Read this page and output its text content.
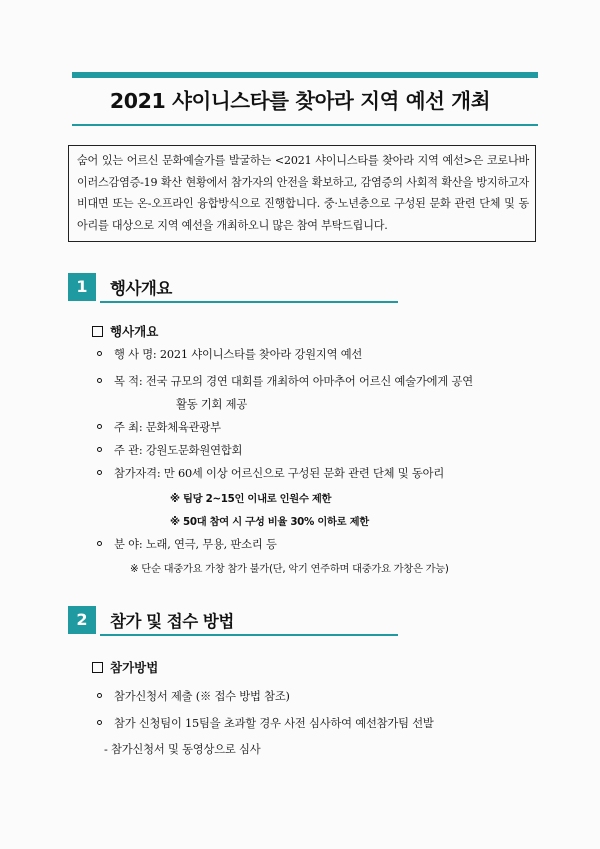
2021 샤이니스타를 찾아라 지역 예선 개최
숨어 있는 어르신 문화예술가를 발굴하는 <2021 샤이니스타를 찾아라 지역 예선>은 코로나바이러스감염증-19 확산 현황에서 참가자의 안전을 확보하고, 감염증의 사회적 확산을 방지하고자 비대면 또는 온-오프라인 융합방식으로 진행합니다. 중·노년층으로 구성된 문화 관련 단체 및 동아리를 대상으로 지역 예선을 개최하오니 많은 참여 부탁드립니다.
1	행사개요
행사개요
행 사 명: 2021 샤이니스타를 찾아라 강원지역 예선
목 적: 전국 규모의 경연 대회를 개최하여 아마추어 어르신 예술가에게 공연
활동 기회 제공
주 최: 문화체육관광부
주 관: 강원도문화원연합회
참가자격: 만 60세 이상 어르신으로 구성된 문화 관련 단체 및 동아리
※ 팀당 2~15인 이내로 인원수 제한
※ 50대 참여 시 구성 비율 30% 이하로 제한
분 야: 노래, 연극, 무용, 판소리 등
※ 단순 대중가요 가창 참가 불가(단, 악기 연주하며 대중가요 가창은 가능)
2	참가 및 접수 방법
참가방법
참가신청서 제출 (※ 접수 방법 참조)
참가 신청팀이 15팀을 초과할 경우 사전 심사하여 예선참가팀 선발
- 참가신청서 및 동영상으로 심사
